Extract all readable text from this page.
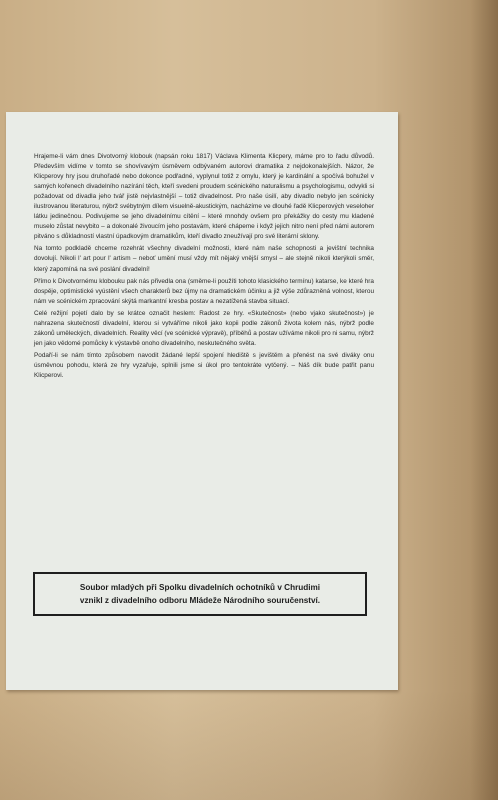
Hrajeme-li vám dnes Divotvorný klobouk (napsán roku 1817) Václava Klimenta Klicpery, máme pro to řadu důvodů. Především vidíme v tomto se shovívavým úsměvem odbývaném autorovi dramatika z nejdokonalejších. Názor, že Klicperovy hry jsou druhořadé nebo dokonce podřadné, vyplynul totiž z omylu, který je kardinální a spočívá bohužel v samých kořenech divadelního nazírání těch, kteří svedeni proudem scénického naturalismu a psychologismu, odvykli si požadovat od divadla jeho tvář jistě nejvlastnější – totiž divadelnost. Pro naše úsilí, aby divadlo nebylo jen scénicky ilustrovanou literaturou, nýbrž svébytným dílem visuelně-akustickým, nacházíme ve dlouhé řadě Klicperových veseloher látku jedinečnou. Podivujeme se jeho divadelnímu cítění – které mnohdy ovšem pro překážky do cesty mu kladené muselo zůstat nevybito – a dokonalé živoucím jeho postavám, které chápeme i když jejich nitro není před námi autorem pitváno s důkladností vlastní úpadkovým dramatikům, kteří divadlo zneužívají pro své literární sklony.

Na tomto podkladě chceme rozehrát všechny divadelní možnosti, které nám naše schopnosti a jevištní technika dovolují. Nikoli l' art pour l' artism – neboť umění musí vždy mít nějaký vnější smysl – ale stejně nikoli kterýkoli směr, který zapomíná na své poslání divadelní!

Přímo k Divotvornému klobouku pak nás přivedla ona (směme-li použíti tohoto klasického termínu) katarse, ke které hra dospěje, optimistické vyústění všech charakterů bez újmy na dramatickém účinku a již výše zdůrazněná volnost, kterou nám ve scénickém zpracování skýtá markantní kresba postav a nezatížená stavba situací.

Celé režijní pojetí dalo by se krátce označit heslem: Radost ze hry. «Skutečnost» (nebo vjako skutečnost») je nahrazena skutečností divadelní, kterou si vytváříme nikoli jako kopii podle zákonů života kolem nás, nýbrž podle zákonů uměleckých, divadelních. Reality věcí (ve scénické výpravě), příběhů a postav užíváme nikoli pro ni samu, nýbrž jen jako vědomé pomůcky k výstavbě onoho divadelního, neskutečného světa.

Podaří-li se nám tímto způsobem navodit žádané lepší spojení hlediště s jevištěm a přenést na své diváky onu úsměvnou pohodu, která ze hry vyzařuje, splnili jsme si úkol pro tentokráte vytčený. – Náš dík bude patřit panu Klicperovi.

Soubor mladých při Spolku divadelních ochotníků v Chrudimi
vznikl z divadelního odboru Mládeže Národního souručenství.
